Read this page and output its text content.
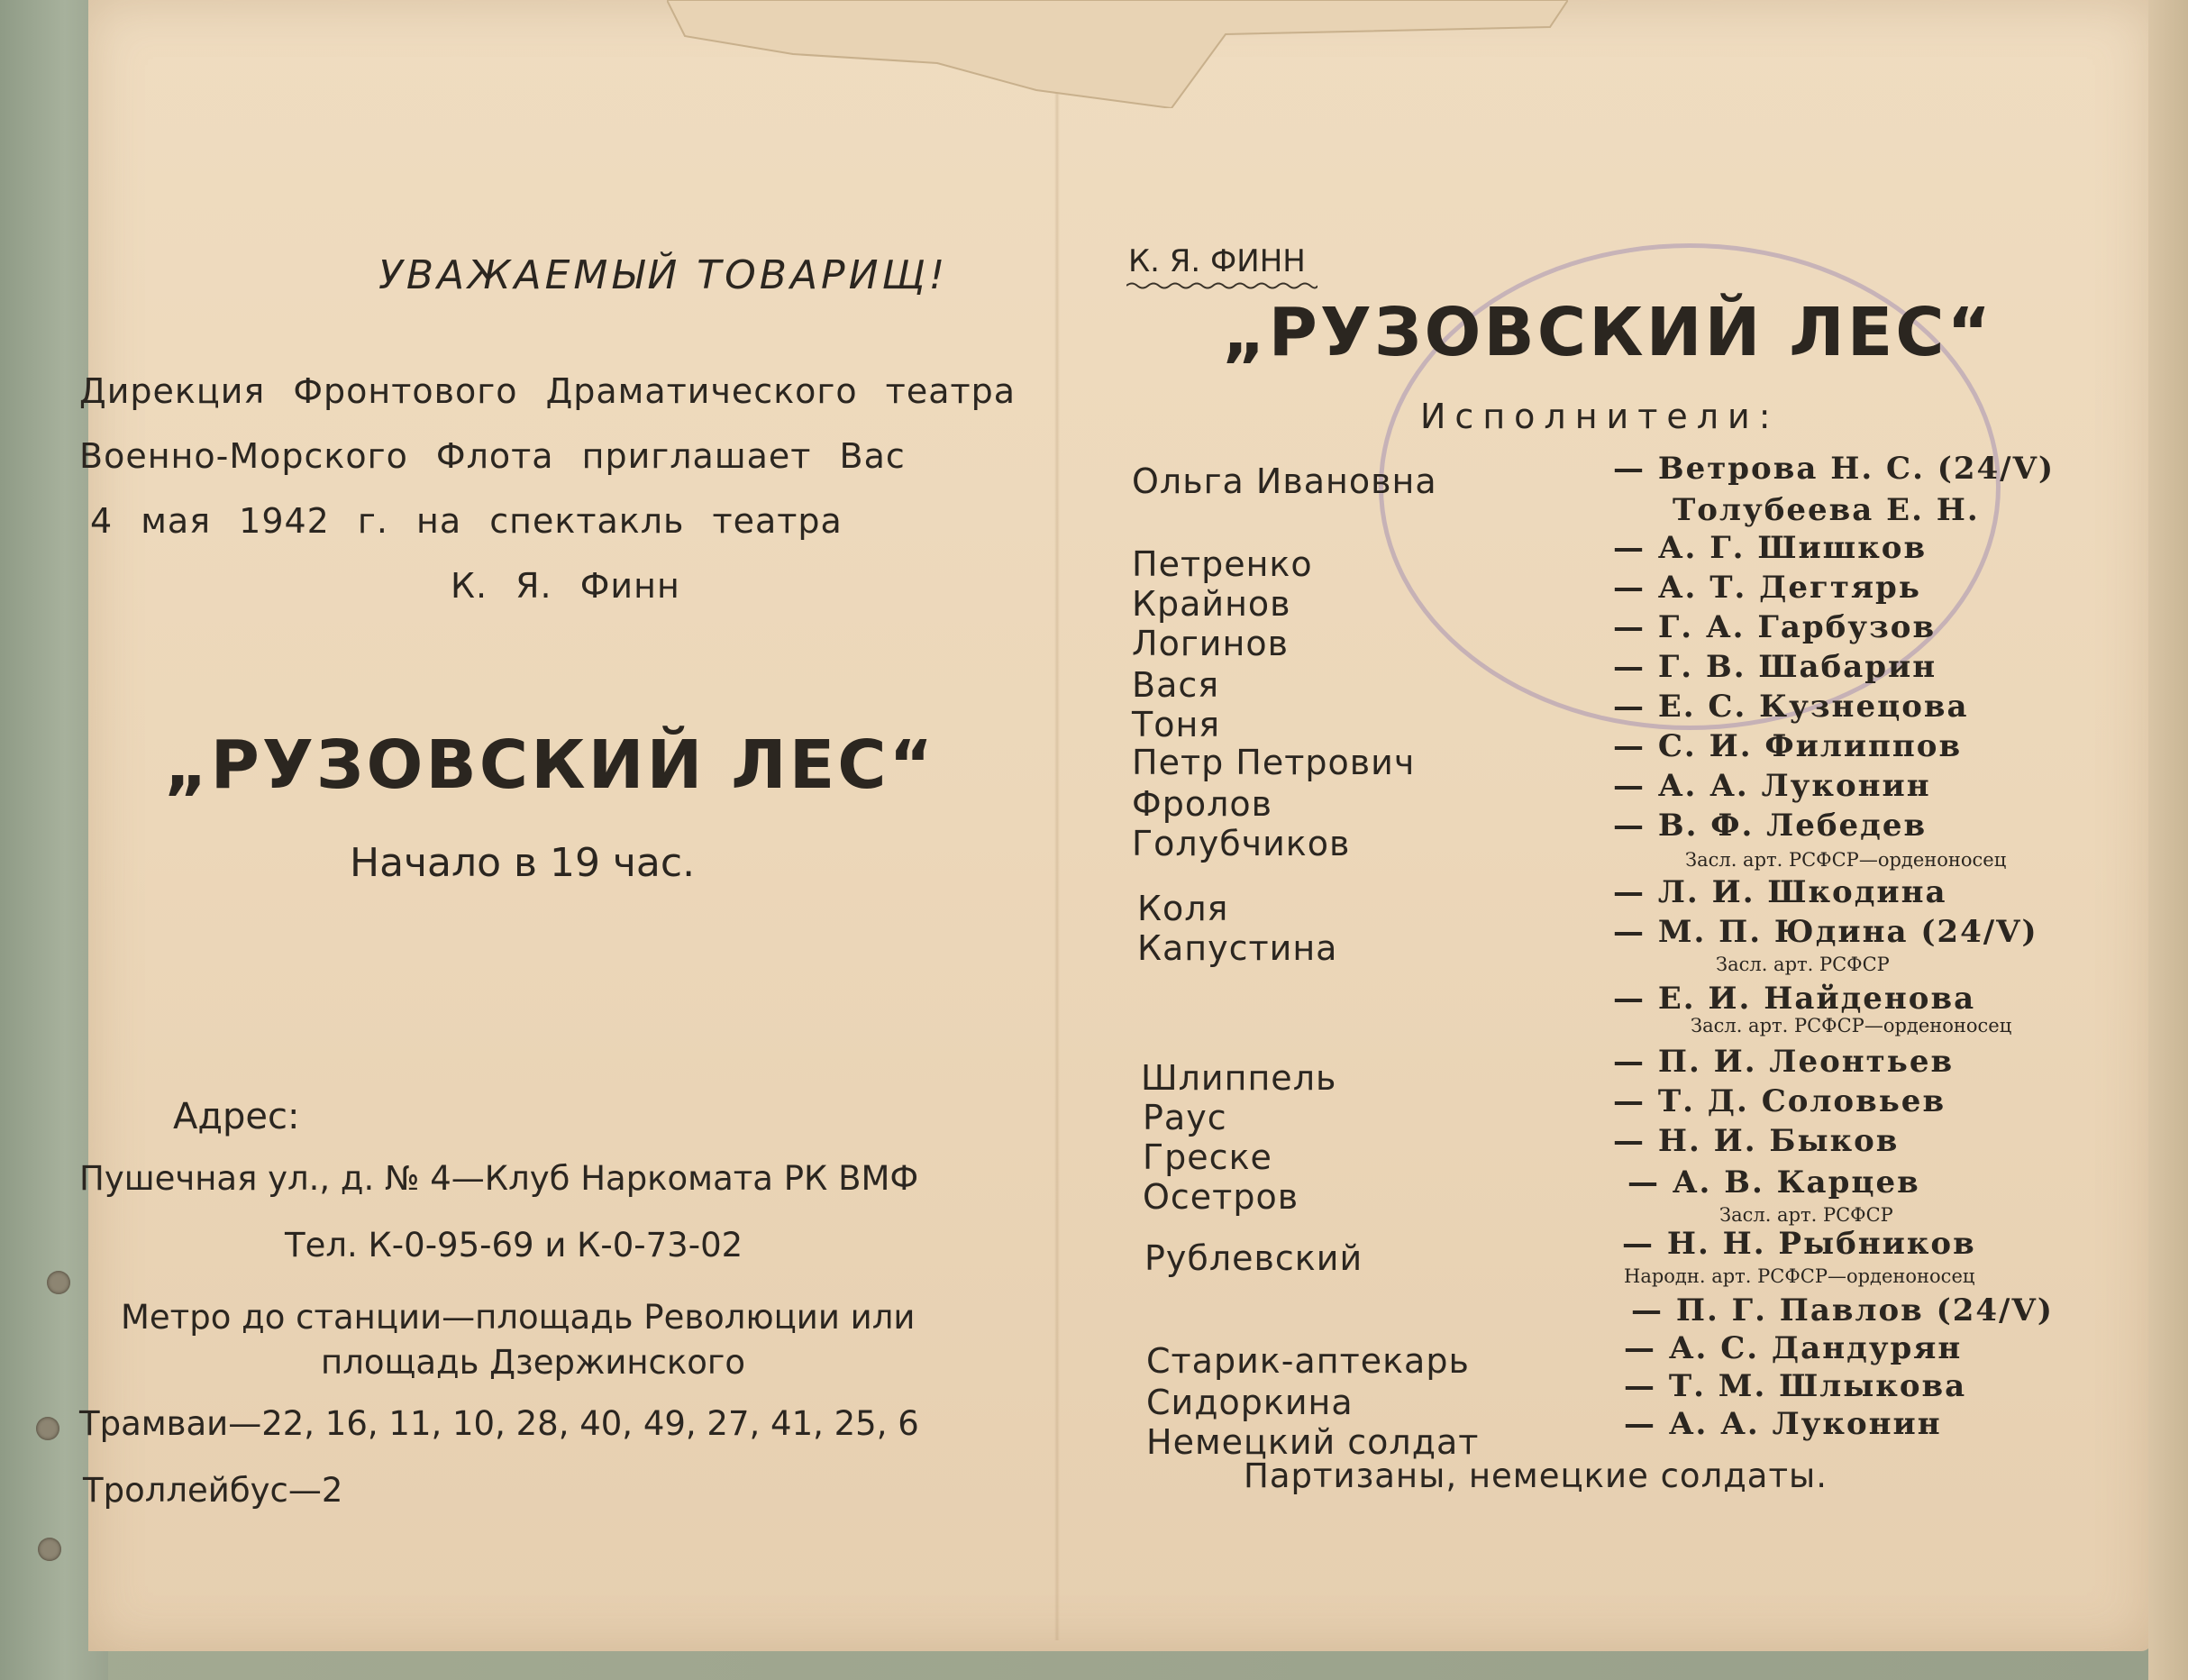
УВАЖАЕМЫЙ ТОВАРИЩ!
Дирекция Фронтового Драматического театра
Военно-Морского Флота приглашает Вас
4 мая 1942 г. на спектакль театра
К. Я. Финн
„РУЗОВСКИЙ ЛЕС“
Начало в 19 час.
Адрес:
Пушечная ул., д. № 4—Клуб Наркомата РК ВМФ
Тел. К-0-95-69 и К-0-73-02
Метро до станции—площадь Революции или
площадь Дзержинского
Трамваи—22, 16, 11, 10, 28, 40, 49, 27, 41, 25, 6
Троллейбус—2
К. Я. ФИНН
„РУЗОВСКИЙ ЛЕС“
Исполнители:
Ольга Ивановна
Петренко
Крайнов
Логинов
Вася
Тоня
Петр Петрович
Фролов
Голубчиков
Коля
Капустина
Шлиппель
Раус
Греске
Осетров
Рублевский
Старик-аптекарь
Сидоркина
Немецкий солдат
— Ветрова Н. С. (24/V)
Толубеева Е. Н.
— А. Г. Шишков
— А. Т. Дегтярь
— Г. А. Гарбузов
— Г. В. Шабарин
— Е. С. Кузнецова
— С. И. Филиппов
— А. А. Луконин
— В. Ф. Лебедев
Засл. арт. РСФСР—орденоносец
— Л. И. Шкодина
— М. П. Юдина (24/V)
Засл. арт. РСФСР
— Е. И. Найденова
Засл. арт. РСФСР—орденоносец
— П. И. Леонтьев
— Т. Д. Соловьев
— Н. И. Быков
— А. В. Карцев
Засл. арт. РСФСР
— Н. Н. Рыбников
Народн. арт. РСФСР—орденоносец
— П. Г. Павлов (24/V)
— А. С. Дандурян
— Т. М. Шлыкова
— А. А. Луконин
Партизаны, немецкие солдаты.
